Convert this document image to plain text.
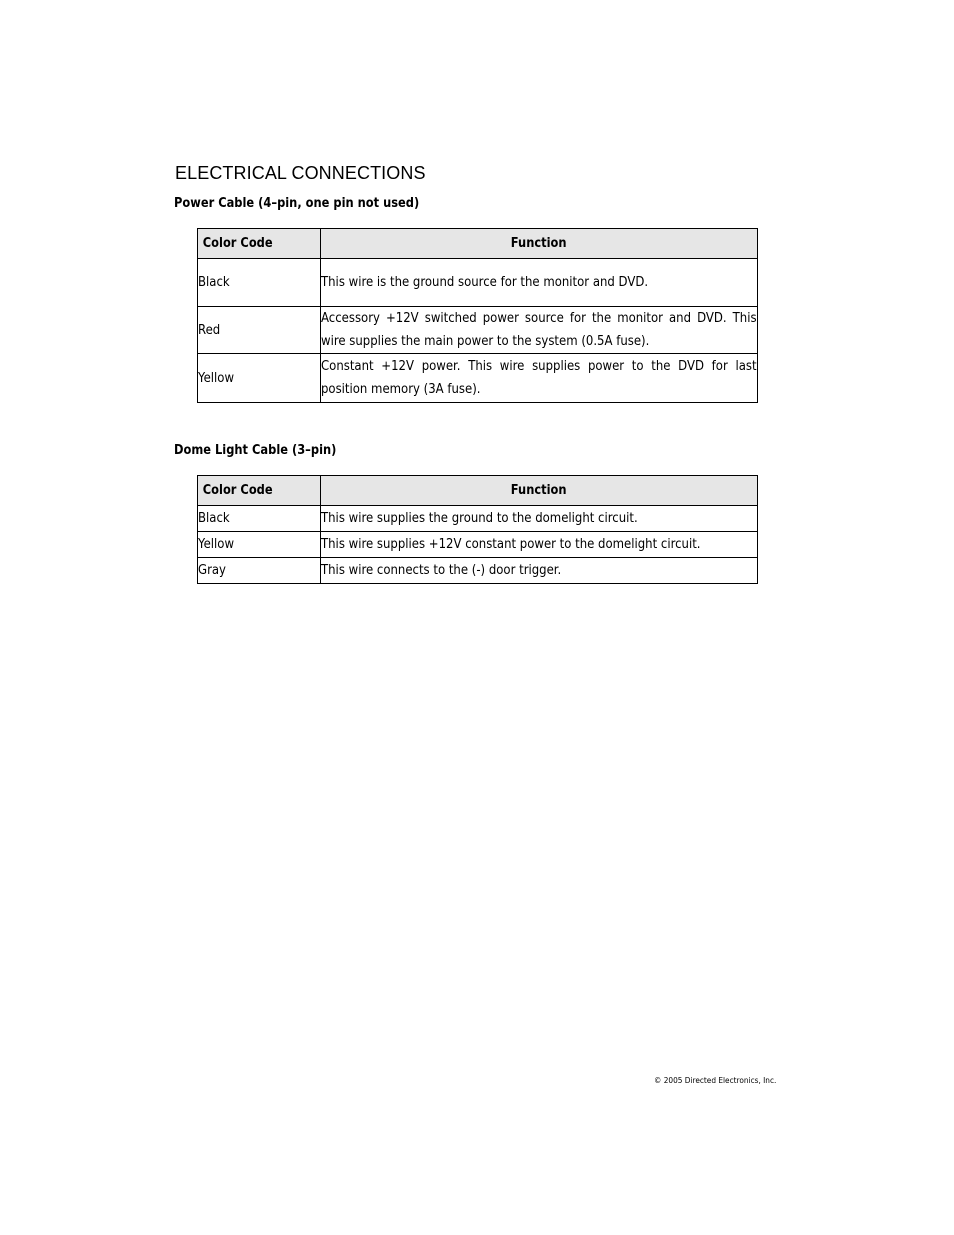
ELECTRICAL CONNECTIONS
Power Cable (4–pin, one pin not used)
Color Code	Function
Black	This wire is the ground source for the monitor and DVD.

Red	Accessory +12V switched power source for the monitor and DVD. This wire supplies the main power to the system (0.5A fuse).

Yellow	Constant +12V power. This wire supplies power to the DVD for last position memory (3A fuse).
Dome Light Cable (3–pin)
Color Code	Function
Black	This wire supplies the ground to the domelight circuit.
Yellow	This wire supplies +12V constant power to the domelight circuit.
Gray	This wire connects to the (-) door trigger.
© 2005 Directed Electronics, Inc.
